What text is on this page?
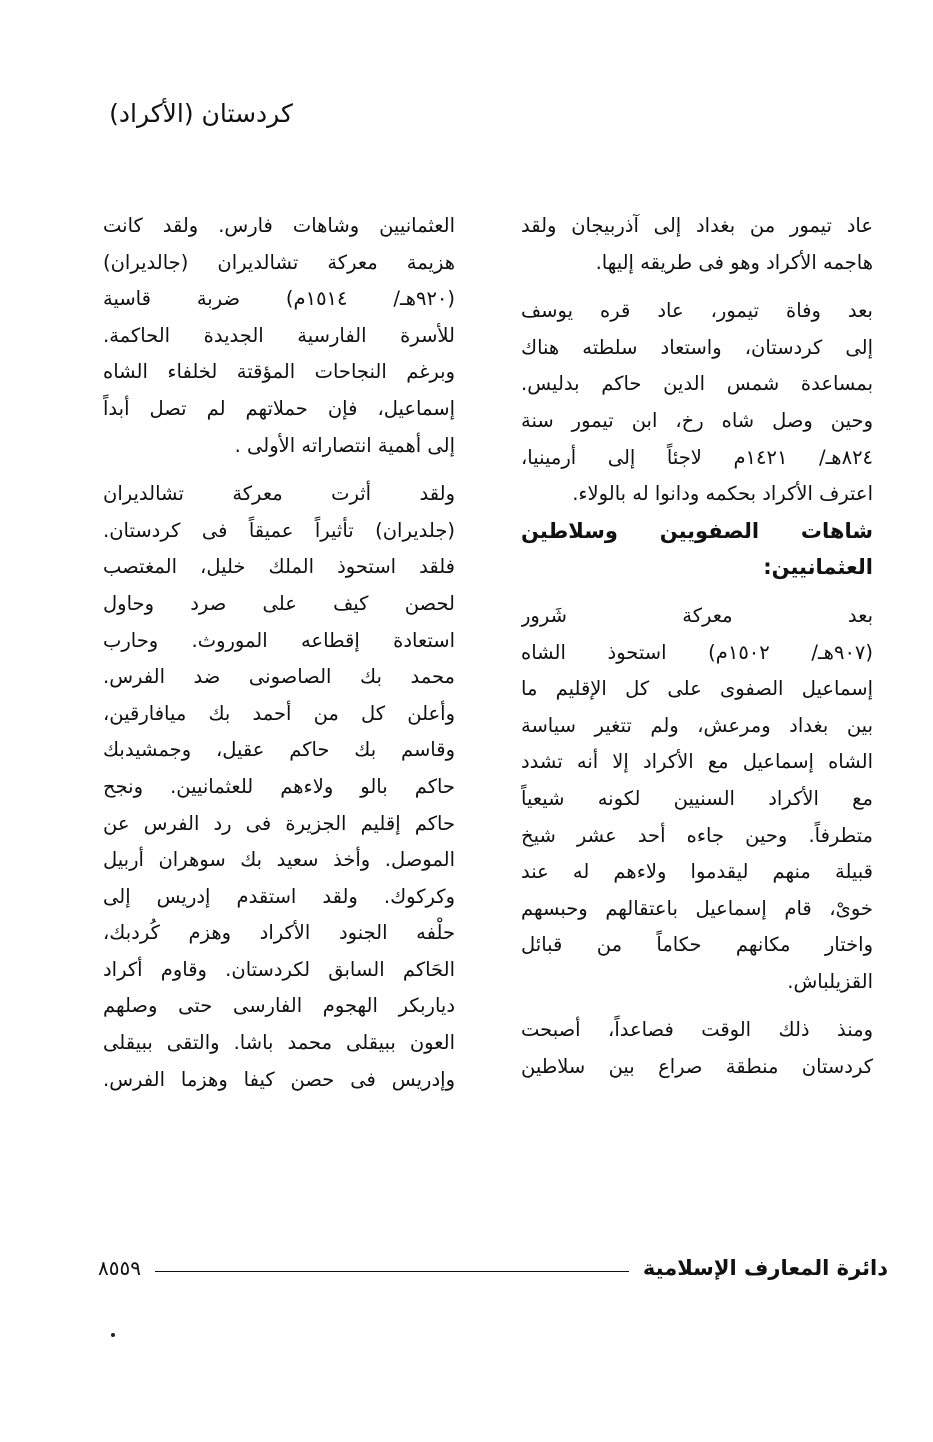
كردستان (الأكراد)
عاد تيمور من بغداد إلى آذربيجان ولقد
هاجمه الأكراد وهو فى طريقه إليها.
بعد وفاة تيمور، عاد قره يوسف
إلى كردستان، واستعاد سلطته هناك
بمساعدة شمس الدين حاكم بدليس.
وحين وصل شاه رخ، ابن تيمور سنة
٨٢٤هـ/ ١٤٢١م لاجئاً إلى أرمينيا،
اعترف الأكراد بحكمه ودانوا له بالولاء.
شاهات الصفويين وسلاطين
العثمانيين:
بعد معركة شَرور
(٩٠٧هـ/ ١٥٠٢م) استحوذ الشاه
إسماعيل الصفوى على كل الإقليم ما
بين بغداد ومرعش، ولم تتغير سياسة
الشاه إسماعيل مع الأكراد إلا أنه تشدد
مع الأكراد السنيين لكونه شيعياً
متطرفاً. وحين جاءه أحد عشر شيخ
قبيلة منهم ليقدموا ولاءهم له عند
خوىْ، قام إسماعيل باعتقالهم وحبسهم
واختار مكانهم حكاماً من قبائل
القزيلباش.
ومنذ ذلك الوقت فصاعداً، أصبحت
كردستان منطقة صراع بين سلاطين
العثمانيين وشاهات فارس. ولقد كانت
هزيمة معركة تشالديران (جالديران)
(٩٢٠هـ/ ١٥١٤م) ضربة قاسية
للأسرة الفارسية الجديدة الحاكمة.
وبرغم النجاحات المؤقتة لخلفاء الشاه
إسماعيل، فإن حملاتهم لم تصل أبداً
إلى أهمية انتصاراته الأولى .
ولقد أثرت معركة تشالديران
(جلديران) تأثيراً عميقاً فى كردستان.
فلقد استحوذ الملك خليل، المغتصب
لحصن كيف على صرد وحاول
استعادة إقطاعه الموروث. وحارب
محمد بك الصاصونى ضد الفرس.
وأعلن كل من أحمد بك ميافارقين،
وقاسم بك حاكم عقيل، وجمشيدبك
حاكم بالو ولاءهم للعثمانيين. ونجح
حاكم إقليم الجزيرة فى رد الفرس عن
الموصل. وأخذ سعيد بك سوهران أربيل
وكركوك. ولقد استقدم إدريس إلى
حلْفه الجنود الأكراد وهزم كُردبك،
الحَاكم السابق لكردستان. وقاوم أكراد
دياربكر الهجوم الفارسى حتى وصلهم
العون ببيقلى محمد باشا. والتقى ببيقلى
وإدريس فى حصن كيفا وهزما الفرس.
دائرة المعارف الإسلامية
٨٥٥٩
